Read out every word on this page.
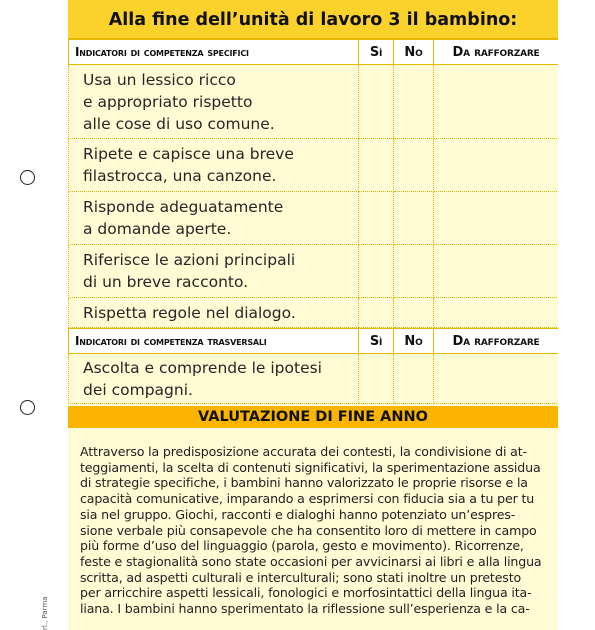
rl., Parma
Alla fine dell’unità di lavoro 3 il bambino:
Indicatori di competenza specifici	Sì	No	Da rafforzare

Usa un lessico ricco
e appropriato rispetto
alle cose di uso comune.			

Ripete e capisce una breve
filastrocca, una canzone.			

Risponde adeguatamente
a domande aperte.			

Riferisce le azioni principali
di un breve racconto.			

Rispetta regole nel dialogo.			

Indicatori di competenza trasversali	Sì	No	Da rafforzare

Ascolta e comprende le ipotesi
dei compagni.			

VALUTAZIONE DI FINE ANNO
Attraverso la predisposizione accurata dei contesti, la condivisione di at-
teggiamenti, la scelta di contenuti significativi, la sperimentazione assidua
di strategie specifiche, i bambini hanno valorizzato le proprie risorse e la
capacità comunicative, imparando a esprimersi con fiducia sia a tu per tu
sia nel gruppo. Giochi, racconti e dialoghi hanno potenziato un’espres-
sione verbale più consapevole che ha consentito loro di mettere in campo
più forme d’uso del linguaggio (parola, gesto e movimento). Ricorrenze,
feste e stagionalità sono state occasioni per avvicinarsi ai libri e alla lingua
scritta, ad aspetti culturali e interculturali; sono stati inoltre un pretesto
per arricchire aspetti lessicali, fonologici e morfosintattici della lingua ita-
liana. I bambini hanno sperimentato la riflessione sull’esperienza e la ca-
